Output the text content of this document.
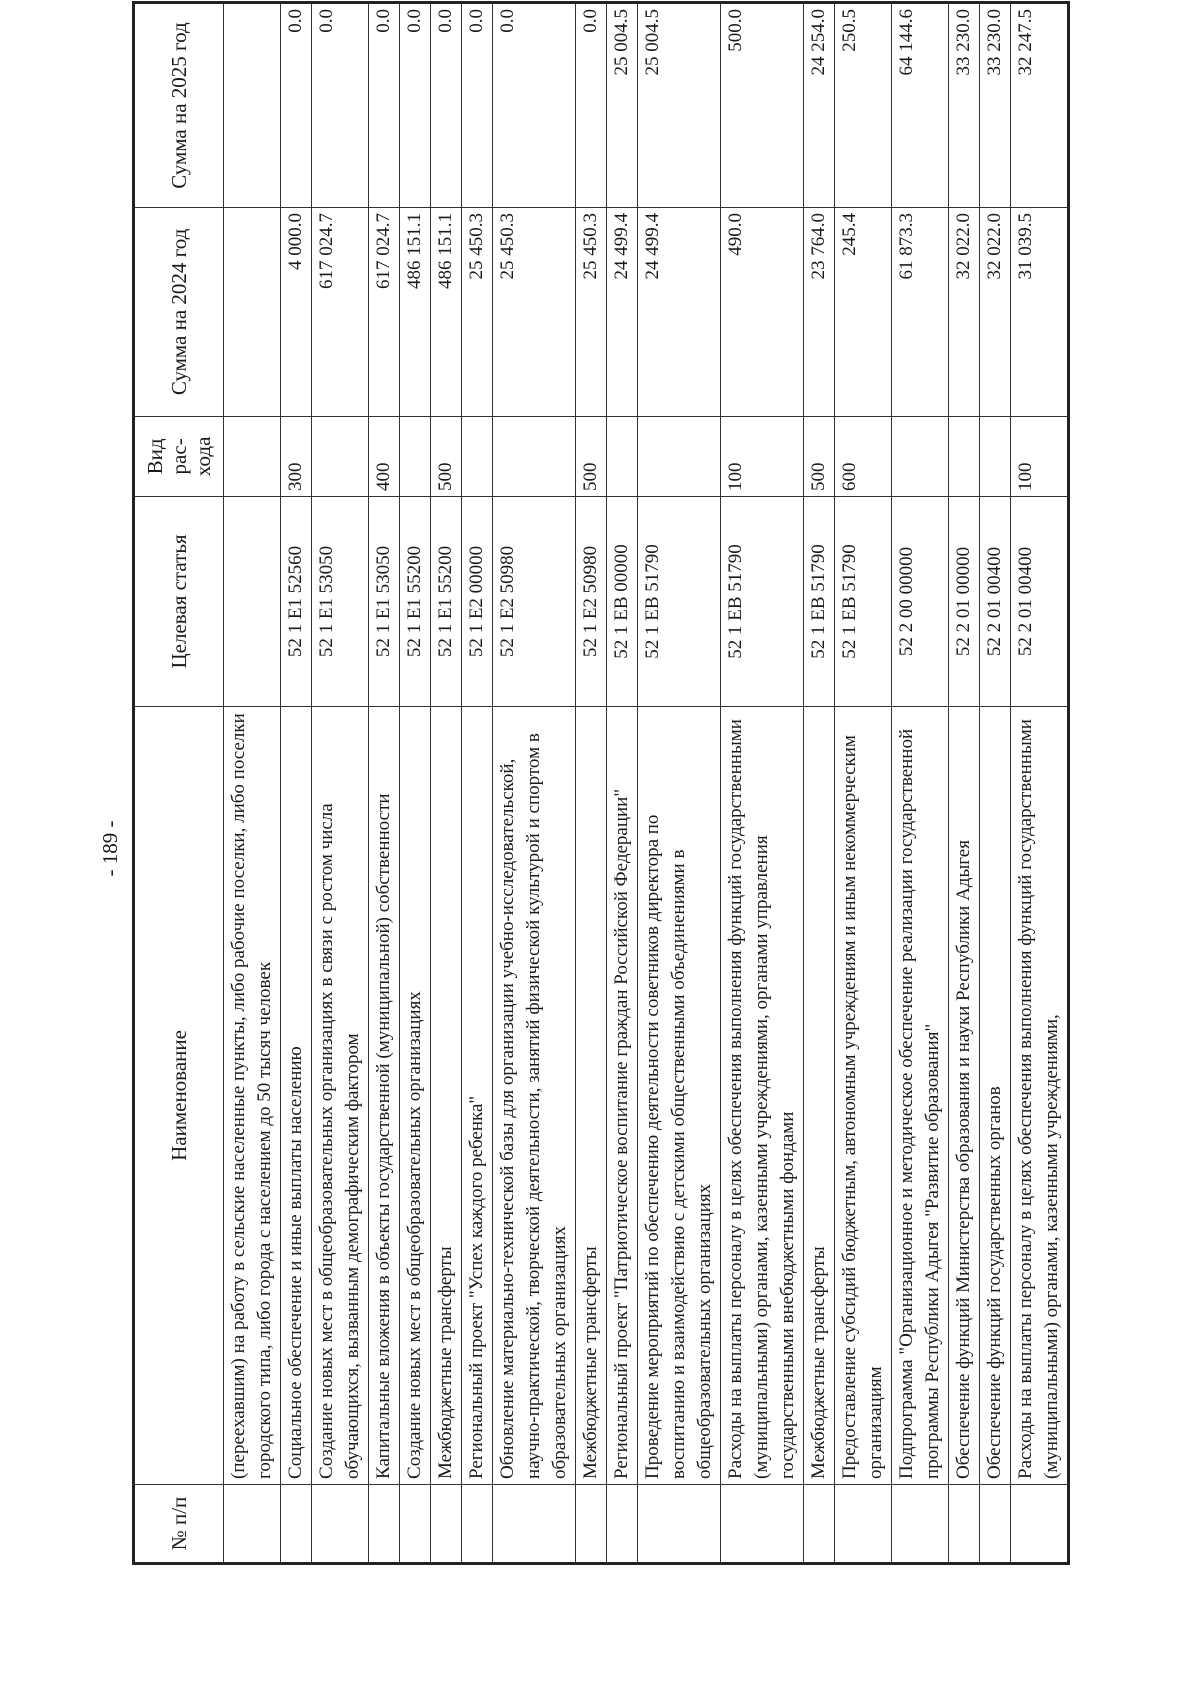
- 189 -
№ п/п	Наименование	Целевая статья	Вид рас-хода	Сумма на 2024 год	Сумма на 2025 год
	(переехавшим) на работу в сельские населенные пункты, либо рабочие поселки, либо поселки городского типа, либо города с населением до 50 тысяч человек				
	Социальное обеспечение и иные выплаты населению	52 1 E1 52560	300	4 000.0	0.0
	Создание новых мест в общеобразовательных организациях в связи с ростом числа обучающихся, вызванным демографическим фактором	52 1 E1 53050		617 024.7	0.0
	Капитальные вложения в объекты государственной (муниципальной) собственности	52 1 E1 53050	400	617 024.7	0.0
	Создание новых мест в общеобразовательных организациях	52 1 E1 55200		486 151.1	0.0
	Межбюджетные трансферты	52 1 E1 55200	500	486 151.1	0.0
	Региональный проект "Успех каждого ребенка"	52 1 E2 00000		25 450.3	0.0
	Обновление материально-технической базы для организации учебно-исследовательской, научно-практической, творческой деятельности, занятий физической культурой и спортом в образовательных организациях	52 1 E2 50980		25 450.3	0.0
	Межбюджетные трансферты	52 1 E2 50980	500	25 450.3	0.0
	Региональный проект "Патриотическое воспитание граждан Российской Федерации"	52 1 EB 00000		24 499.4	25 004.5
	Проведение мероприятий по обеспечению деятельности советников директора по воспитанию и взаимодействию с детскими общественными объединениями в общеобразовательных организациях	52 1 EB 51790		24 499.4	25 004.5
	Расходы на выплаты персоналу в целях обеспечения выполнения функций государственными (муниципальными) органами, казенными учреждениями, органами управления государственными внебюджетными фондами	52 1 EB 51790	100	490.0	500.0
	Межбюджетные трансферты	52 1 EB 51790	500	23 764.0	24 254.0
	Предоставление субсидий бюджетным, автономным учреждениям и иным некоммерческим организациям	52 1 EB 51790	600	245.4	250.5
	Подпрограмма "Организационное и методическое обеспечение реализации государственной программы Республики Адыгея "Развитие образования"	52 2 00 00000		61 873.3	64 144.6
	Обеспечение функций Министерства образования и науки Республики Адыгея	52 2 01 00000		32 022.0	33 230.0
	Обеспечение функций государственных органов	52 2 01 00400		32 022.0	33 230.0
	Расходы на выплаты персоналу в целях обеспечения выполнения функций государственными (муниципальными) органами, казенными учреждениями,	52 2 01 00400	100	31 039.5	32 247.5
